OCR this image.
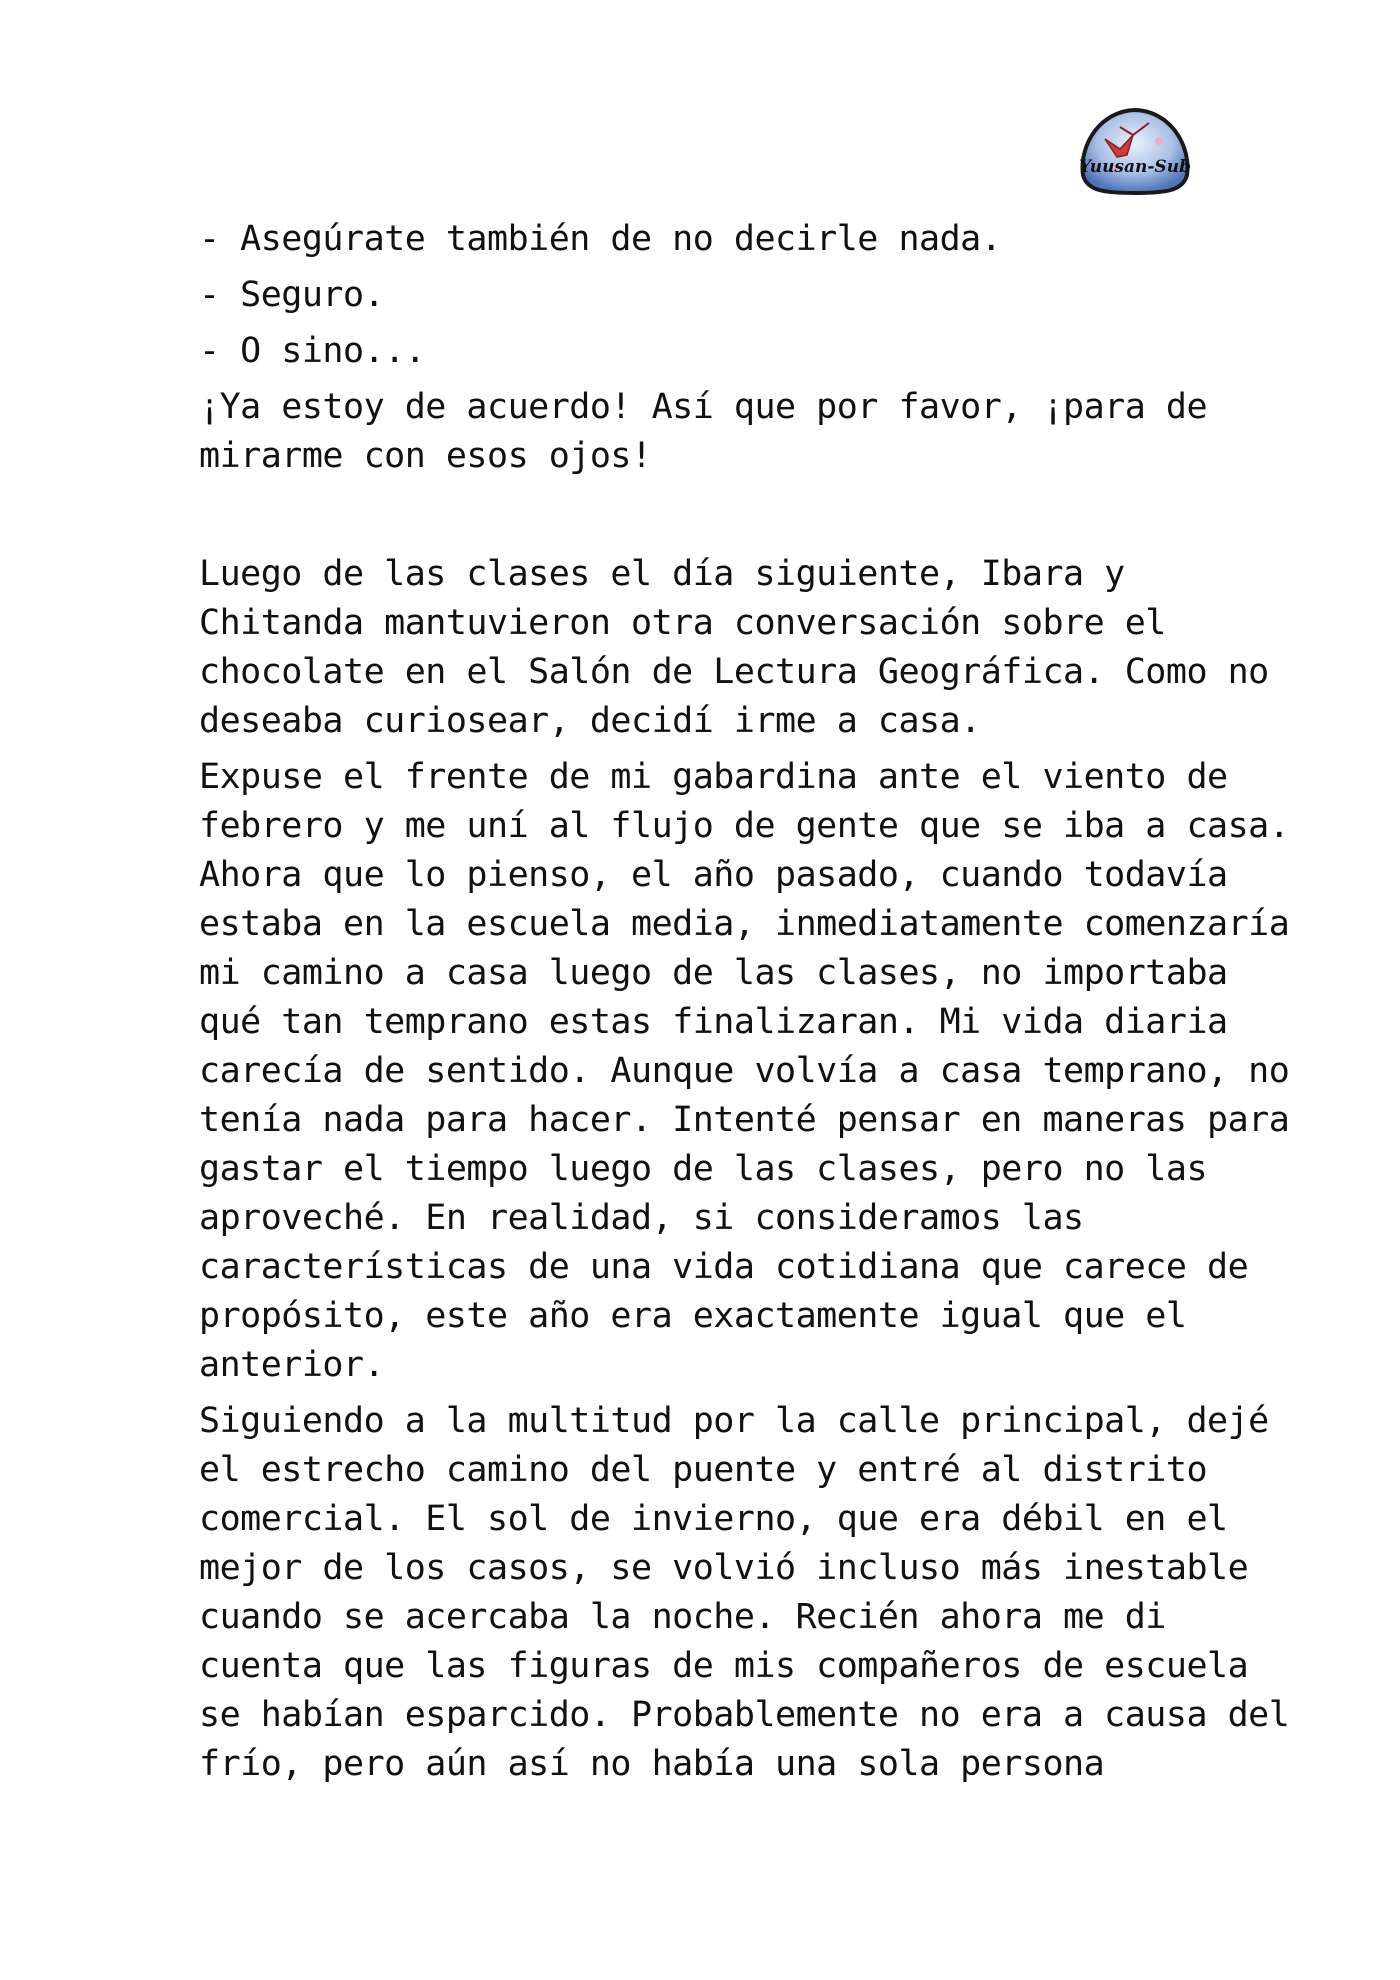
Yuusan-Sub

- Asegúrate también de no decirle nada.

- Seguro.

- O sino...

¡Ya estoy de acuerdo! Así que por favor, ¡para de
mirarme con esos ojos!

Luego de las clases el día siguiente, Ibara y
Chitanda mantuvieron otra conversación sobre el
chocolate en el Salón de Lectura Geográfica. Como no
deseaba curiosear, decidí irme a casa.

Expuse el frente de mi gabardina ante el viento de
febrero y me uní al flujo de gente que se iba a casa.
Ahora que lo pienso, el año pasado, cuando todavía
estaba en la escuela media, inmediatamente comenzaría
mi camino a casa luego de las clases, no importaba
qué tan temprano estas finalizaran. Mi vida diaria
carecía de sentido. Aunque volvía a casa temprano, no
tenía nada para hacer. Intenté pensar en maneras para
gastar el tiempo luego de las clases, pero no las
aproveché. En realidad, si consideramos las
características de una vida cotidiana que carece de
propósito, este año era exactamente igual que el
anterior.

Siguiendo a la multitud por la calle principal, dejé
el estrecho camino del puente y entré al distrito
comercial. El sol de invierno, que era débil en el
mejor de los casos, se volvió incluso más inestable
cuando se acercaba la noche. Recién ahora me di
cuenta que las figuras de mis compañeros de escuela
se habían esparcido. Probablemente no era a causa del
frío, pero aún así no había una sola persona
